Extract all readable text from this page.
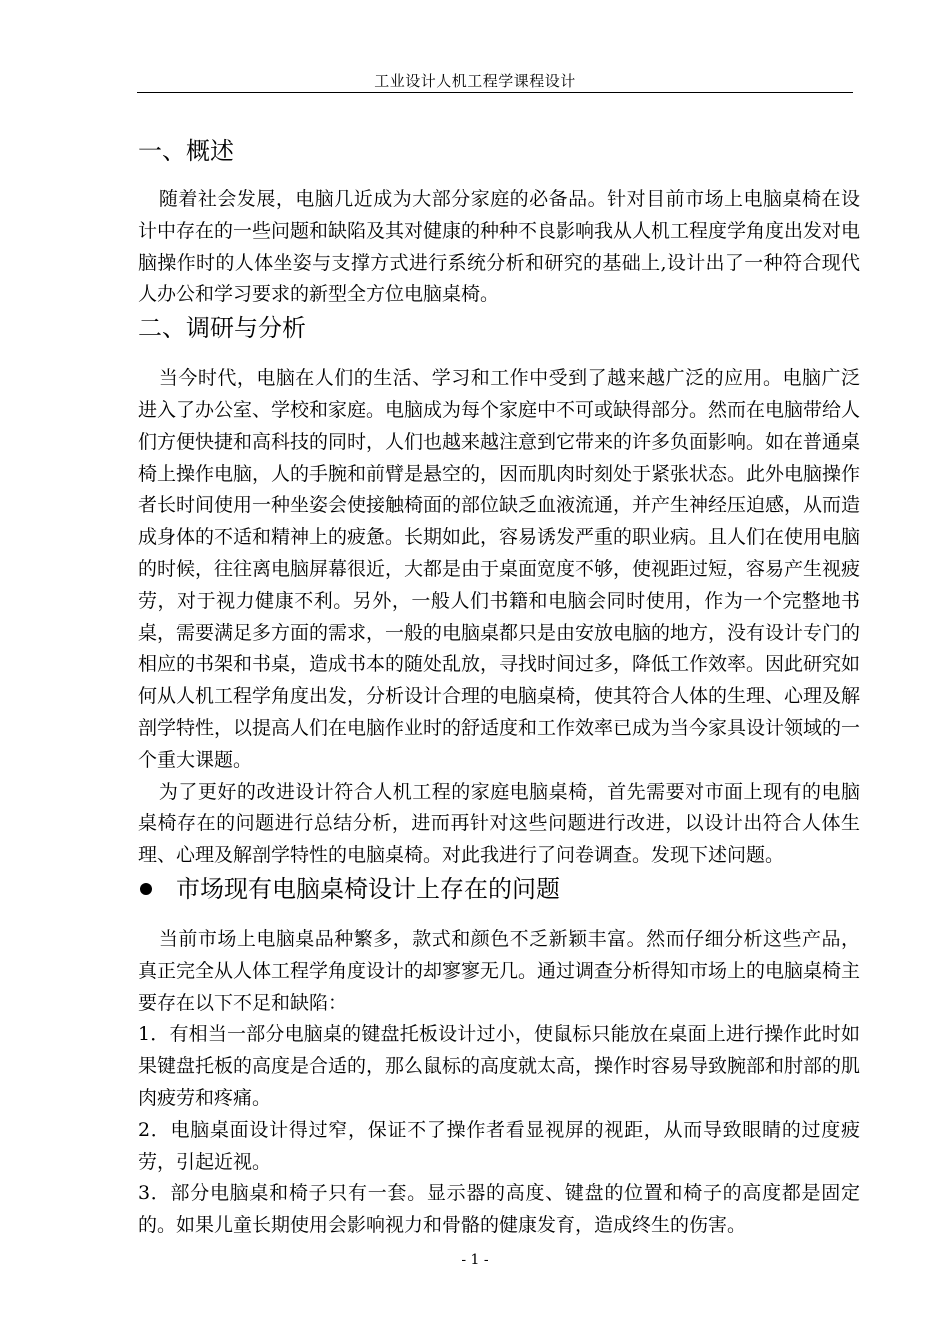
工业设计人机工程学课程设计
一、概述

随着社会发展，电脑几近成为大部分家庭的必备品。针对目前市场上电脑桌椅在设计中存在的一些问题和缺陷及其对健康的种种不良影响我从人机工程度学角度出发对电脑操作时的人体坐姿与支撑方式进行系统分析和研究的基础上,设计出了一种符合现代人办公和学习要求的新型全方位电脑桌椅。

二、调研与分析

当今时代，电脑在人们的生活、学习和工作中受到了越来越广泛的应用。电脑广泛进入了办公室、学校和家庭。电脑成为每个家庭中不可或缺得部分。然而在电脑带给人们方便快捷和高科技的同时，人们也越来越注意到它带来的许多负面影响。如在普通桌椅上操作电脑，人的手腕和前臂是悬空的，因而肌肉时刻处于紧张状态。此外电脑操作者长时间使用一种坐姿会使接触椅面的部位缺乏血液流通，并产生神经压迫感，从而造成身体的不适和精神上的疲惫。长期如此，容易诱发严重的职业病。且人们在使用电脑的时候，往往离电脑屏幕很近，大都是由于桌面宽度不够，使视距过短，容易产生视疲劳，对于视力健康不利。另外，一般人们书籍和电脑会同时使用，作为一个完整地书桌，需要满足多方面的需求，一般的电脑桌都只是由安放电脑的地方，没有设计专门的相应的书架和书桌，造成书本的随处乱放，寻找时间过多，降低工作效率。因此研究如何从人机工程学角度出发，分析设计合理的电脑桌椅，使其符合人体的生理、心理及解剖学特性，以提高人们在电脑作业时的舒适度和工作效率已成为当今家具设计领域的一个重大课题。

为了更好的改进设计符合人机工程的家庭电脑桌椅，首先需要对市面上现有的电脑桌椅存在的问题进行总结分析，进而再针对这些问题进行改进，以设计出符合人体生理、心理及解剖学特性的电脑桌椅。对此我进行了问卷调查。发现下述问题。

市场现有电脑桌椅设计上存在的问题

当前市场上电脑桌品种繁多，款式和颜色不乏新颖丰富。然而仔细分析这些产品，真正完全从人体工程学角度设计的却寥寥无几。通过调查分析得知市场上的电脑桌椅主要存在以下不足和缺陷：

1．有相当一部分电脑桌的键盘托板设计过小，使鼠标只能放在桌面上进行操作此时如果键盘托板的高度是合适的，那么鼠标的高度就太高，操作时容易导致腕部和肘部的肌肉疲劳和疼痛。

2．电脑桌面设计得过窄，保证不了操作者看显视屏的视距，从而导致眼睛的过度疲劳，引起近视。

3．部分电脑桌和椅子只有一套。显示器的高度、键盘的位置和椅子的高度都是固定的。如果儿童长期使用会影响视力和骨骼的健康发育，造成终生的伤害。

- 1 -
